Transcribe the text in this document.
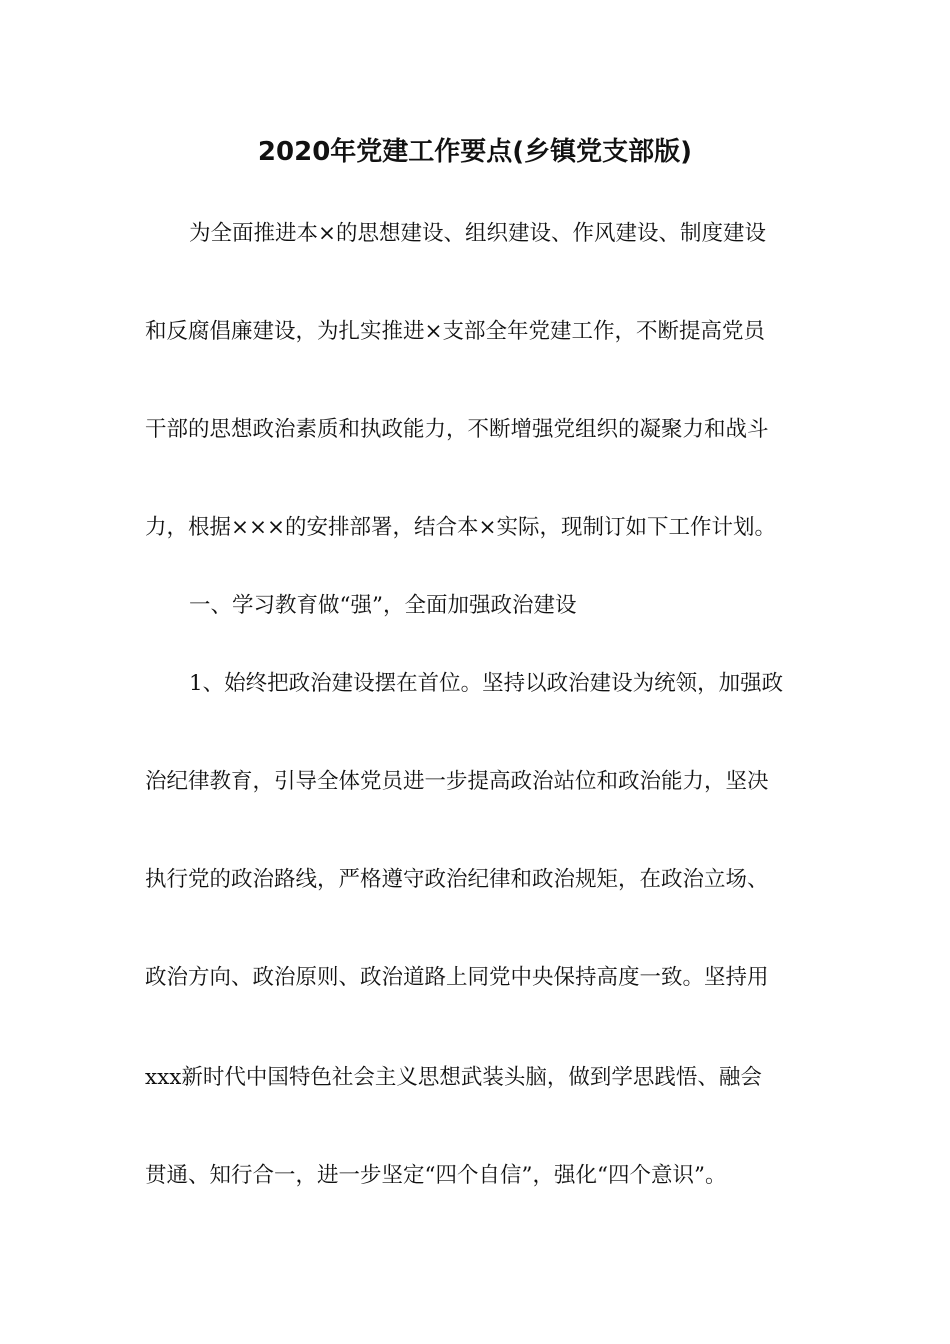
2020年党建工作要点(乡镇党支部版)
为全面推进本×的思想建设、组织建设、作风建设、制度建设
和反腐倡廉建设，为扎实推进×支部全年党建工作，不断提高党员
干部的思想政治素质和执政能力，不断增强党组织的凝聚力和战斗
力，根据×××的安排部署，结合本×实际，现制订如下工作计划。
一、学习教育做“强”，全面加强政治建设
1、始终把政治建设摆在首位。坚持以政治建设为统领，加强政
治纪律教育，引导全体党员进一步提高政治站位和政治能力，坚决
执行党的政治路线，严格遵守政治纪律和政治规矩，在政治立场、
政治方向、政治原则、政治道路上同党中央保持高度一致。坚持用
xxx新时代中国特色社会主义思想武装头脑，做到学思践悟、融会
贯通、知行合一，进一步坚定“四个自信”，强化“四个意识”。
